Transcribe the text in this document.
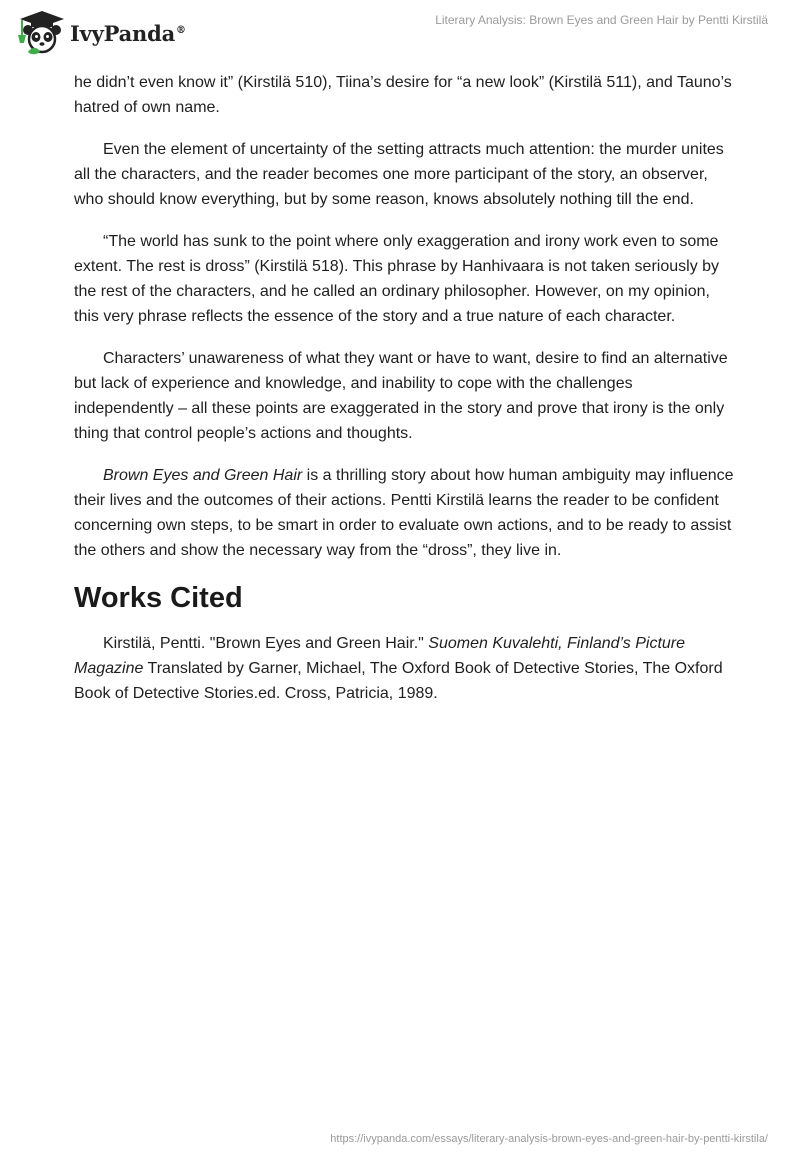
IvyPanda®
Literary Analysis: Brown Eyes and Green Hair by Pentti Kirstilä

he didn’t even know it” (Kirstilä 510), Tiina’s desire for “a new look” (Kirstilä 511), and Tauno’s hatred of own name.

Even the element of uncertainty of the setting attracts much attention: the murder unites all the characters, and the reader becomes one more participant of the story, an observer, who should know everything, but by some reason, knows absolutely nothing till the end.

“The world has sunk to the point where only exaggeration and irony work even to some extent. The rest is dross” (Kirstilä 518). This phrase by Hanhivaara is not taken seriously by the rest of the characters, and he called an ordinary philosopher. However, on my opinion, this very phrase reflects the essence of the story and a true nature of each character.

Characters’ unawareness of what they want or have to want, desire to find an alternative but lack of experience and knowledge, and inability to cope with the challenges independently – all these points are exaggerated in the story and prove that irony is the only thing that control people’s actions and thoughts.

Brown Eyes and Green Hair is a thrilling story about how human ambiguity may influence their lives and the outcomes of their actions. Pentti Kirstilä learns the reader to be confident concerning own steps, to be smart in order to evaluate own actions, and to be ready to assist the others and show the necessary way from the “dross”, they live in.

Works Cited

Kirstilä, Pentti. "Brown Eyes and Green Hair." Suomen Kuvalehti, Finland’s Picture Magazine Translated by Garner, Michael, The Oxford Book of Detective Stories, The Oxford Book of Detective Stories.ed. Cross, Patricia, 1989.

https://ivypanda.com/essays/literary-analysis-brown-eyes-and-green-hair-by-pentti-kirstila/
